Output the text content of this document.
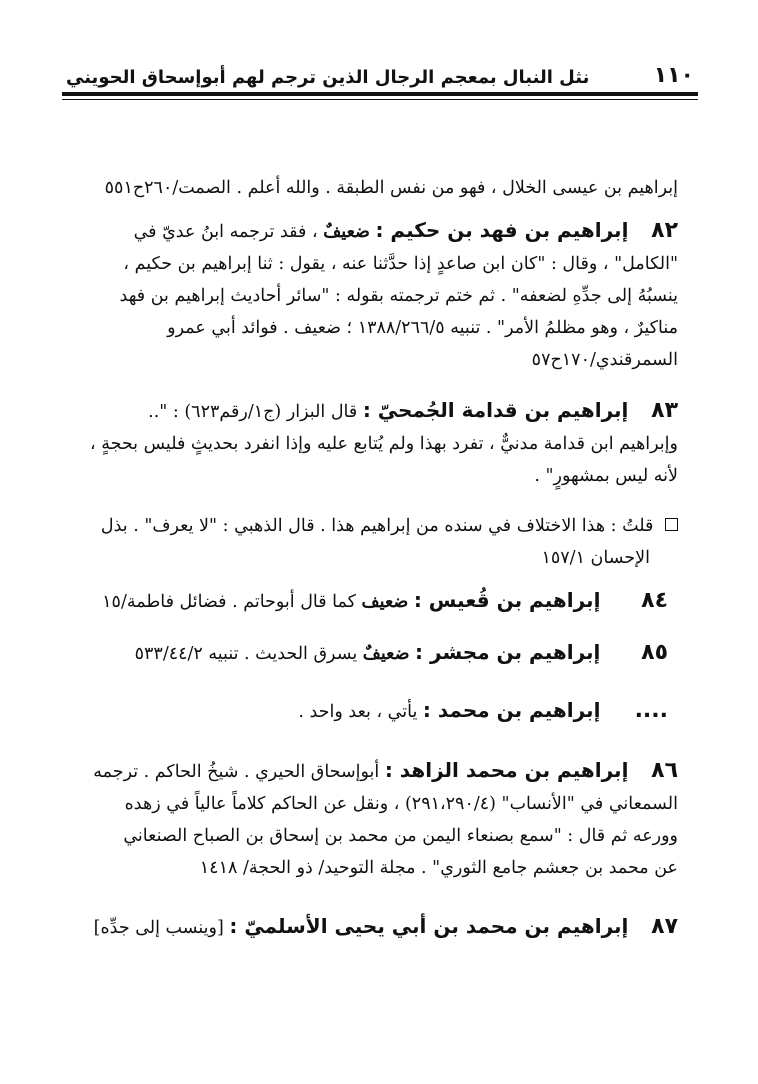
١١٠
نثل النبال بمعجم الرجال الذين ترجم لهم أبوإسحاق الحويني

إبراهيم بن عيسى الخلال ، فهو من نفس الطبقة . والله أعلم . الصمت/٢٦٠ح٥٥١

٨٢ إبراهيم بن فهد بن حكيم : ضعيفٌ ، فقد ترجمه ابنُ عديّ في

"الكامل" ، وقال : "كان ابن صاعدٍ إذا حدَّثنا عنه ، يقول : ثنا إبراهيم بن حكيم ،

ينسبُهُ إلى جدِّهِ لضعفه" . ثم ختم ترجمته بقوله : "سائر أحاديث إبراهيم بن فهد

مناكيرٌ ، وهو مظلمُ الأمر" . تنبيه ١٣٨٨/٢٦٦/٥ ؛ ضعيف . فوائد أبي عمرو

السمرقندي/١٧٠ح٥٧

٨٣ إبراهيم بن قدامة الجُمحيّ : قال البزار (ج١/رقم٦٢٣) : "..

وإبراهيم ابن قدامة مدنيٌّ ، تفرد بهذا ولم يُتابع عليه وإذا انفرد بحديثٍ فليس بحجةٍ ،

لأنه ليس بمشهورٍ" .

قلتُ : هذا الاختلاف في سنده من إبراهيم هذا . قال الذهبي : "لا يعرف" . بذل

الإحسان ١٥٧/١

٨٤ إبراهيم بن قُعيس : ضعيف كما قال أبوحاتم . فضائل فاطمة/١٥

٨٥ إبراهيم بن مجشر : ضعيفٌ يسرق الحديث . تنبيه ٥٣٣/٤٤/٢

.... إبراهيم بن محمد : يأتي ، بعد واحد .

٨٦ إبراهيم بن محمد الزاهد : أبوإسحاق الحيري . شيخُ الحاكم . ترجمه

السمعاني في "الأنساب" (٢٩١،٢٩٠/٤) ، ونقل عن الحاكم كلاماً عالياً في زهده

وورعه ثم قال : "سمع بصنعاء اليمن من محمد بن إسحاق بن الصباح الصنعاني

عن محمد بن جعشم جامع الثوري" . مجلة التوحيد/ ذو الحجة/ ١٤١٨

٨٧ إبراهيم بن محمد بن أبي يحيى الأسلميّ : [وينسب إلى جدِّه]
